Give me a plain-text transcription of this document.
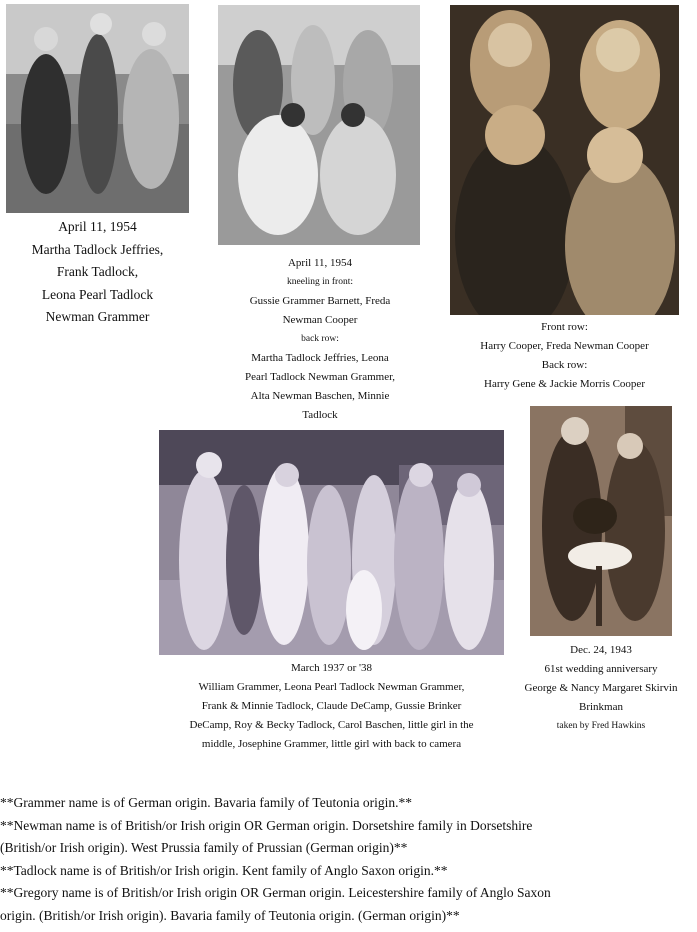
April 11, 1954
Martha Tadlock Jeffries,
Frank Tadlock,
Leona Pearl Tadlock
Newman Grammer
April 11, 1954
kneeling in front:
Gussie Grammer Barnett, Freda
Newman Cooper
back row:
Martha Tadlock Jeffries, Leona
Pearl Tadlock Newman Grammer,
Alta Newman Baschen, Minnie
Tadlock
Front row:
Harry Cooper, Freda Newman Cooper
Back row:
Harry Gene & Jackie Morris Cooper
March 1937 or '38
William Grammer, Leona Pearl Tadlock Newman Grammer,
Frank & Minnie Tadlock, Claude DeCamp, Gussie Brinker
DeCamp, Roy & Becky Tadlock, Carol Baschen, little girl in the
middle, Josephine Grammer, little girl with back to camera
Dec. 24, 1943
61st wedding anniversary
George & Nancy Margaret Skirvin
Brinkman
taken by Fred Hawkins
**Grammer name is of German origin. Bavaria family of Teutonia origin.**
**Newman name is of British/or Irish origin OR German origin. Dorsetshire family in Dorsetshire
(British/or Irish origin). West Prussia family of Prussian (German origin)**
**Tadlock name is of British/or Irish origin. Kent family of Anglo Saxon origin.**
**Gregory name is of British/or Irish origin OR German origin. Leicestershire family of Anglo Saxon
origin. (British/or Irish origin). Bavaria family of Teutonia origin. (German origin)**
